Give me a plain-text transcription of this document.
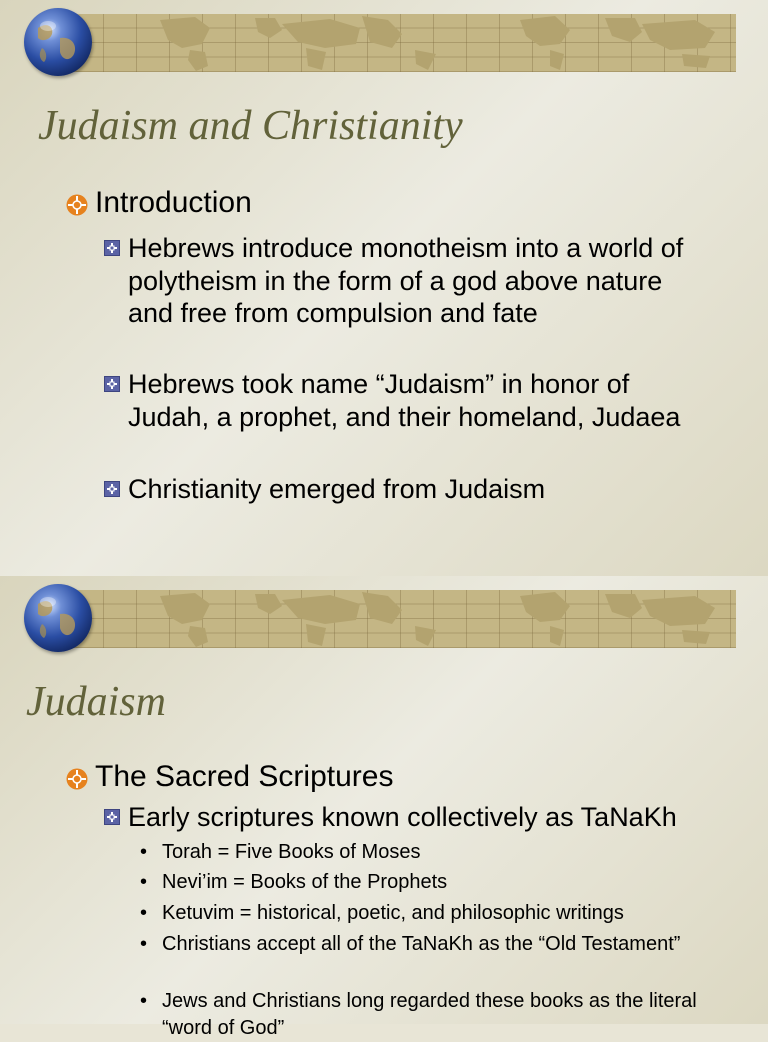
Judaism and Christianity
Introduction
Hebrews introduce monotheism into a world of polytheism in the form of a god above nature and free from compulsion and fate
Hebrews took name “Judaism” in honor of Judah, a prophet, and their homeland, Judaea
Christianity emerged from Judaism
Judaism
The Sacred Scriptures
Early scriptures known collectively as TaNaKh
• Torah = Five Books of Moses
• Nevi’im = Books of the Prophets
• Ketuvim = historical, poetic, and philosophic writings
• Christians accept all of the TaNaKh as the “Old Testament”
• Jews and Christians long regarded these books as the literal “word of God”
